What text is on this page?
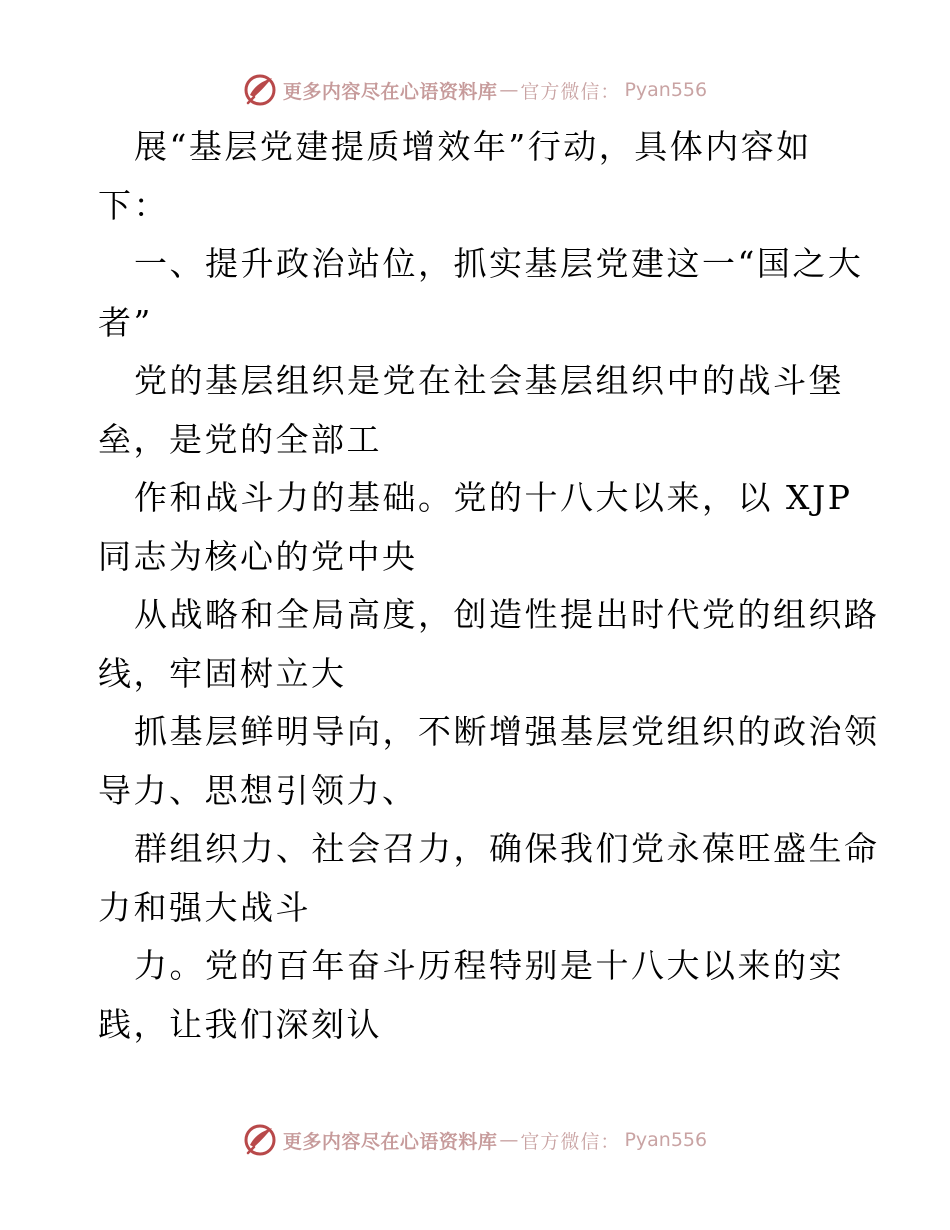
更多内容尽在心语资料库 — 官方微信： Pyan556
展“基层党建提质增效年”行动，具体内容如
下：
一、提升政治站位，抓实基层党建这一“国之大
者”
党的基层组织是党在社会基层组织中的战斗堡
垒，是党的全部工
作和战斗力的基础。党的十八大以来，以 XJP
同志为核心的党中央
从战略和全局高度，创造性提出时代党的组织路
线，牢固树立大
抓基层鲜明导向，不断增强基层党组织的政治领
导力、思想引领力、
群组织力、社会召力，确保我们党永葆旺盛生命
力和强大战斗
力。党的百年奋斗历程特别是十八大以来的实
践，让我们深刻认
更多内容尽在心语资料库 — 官方微信： Pyan556
